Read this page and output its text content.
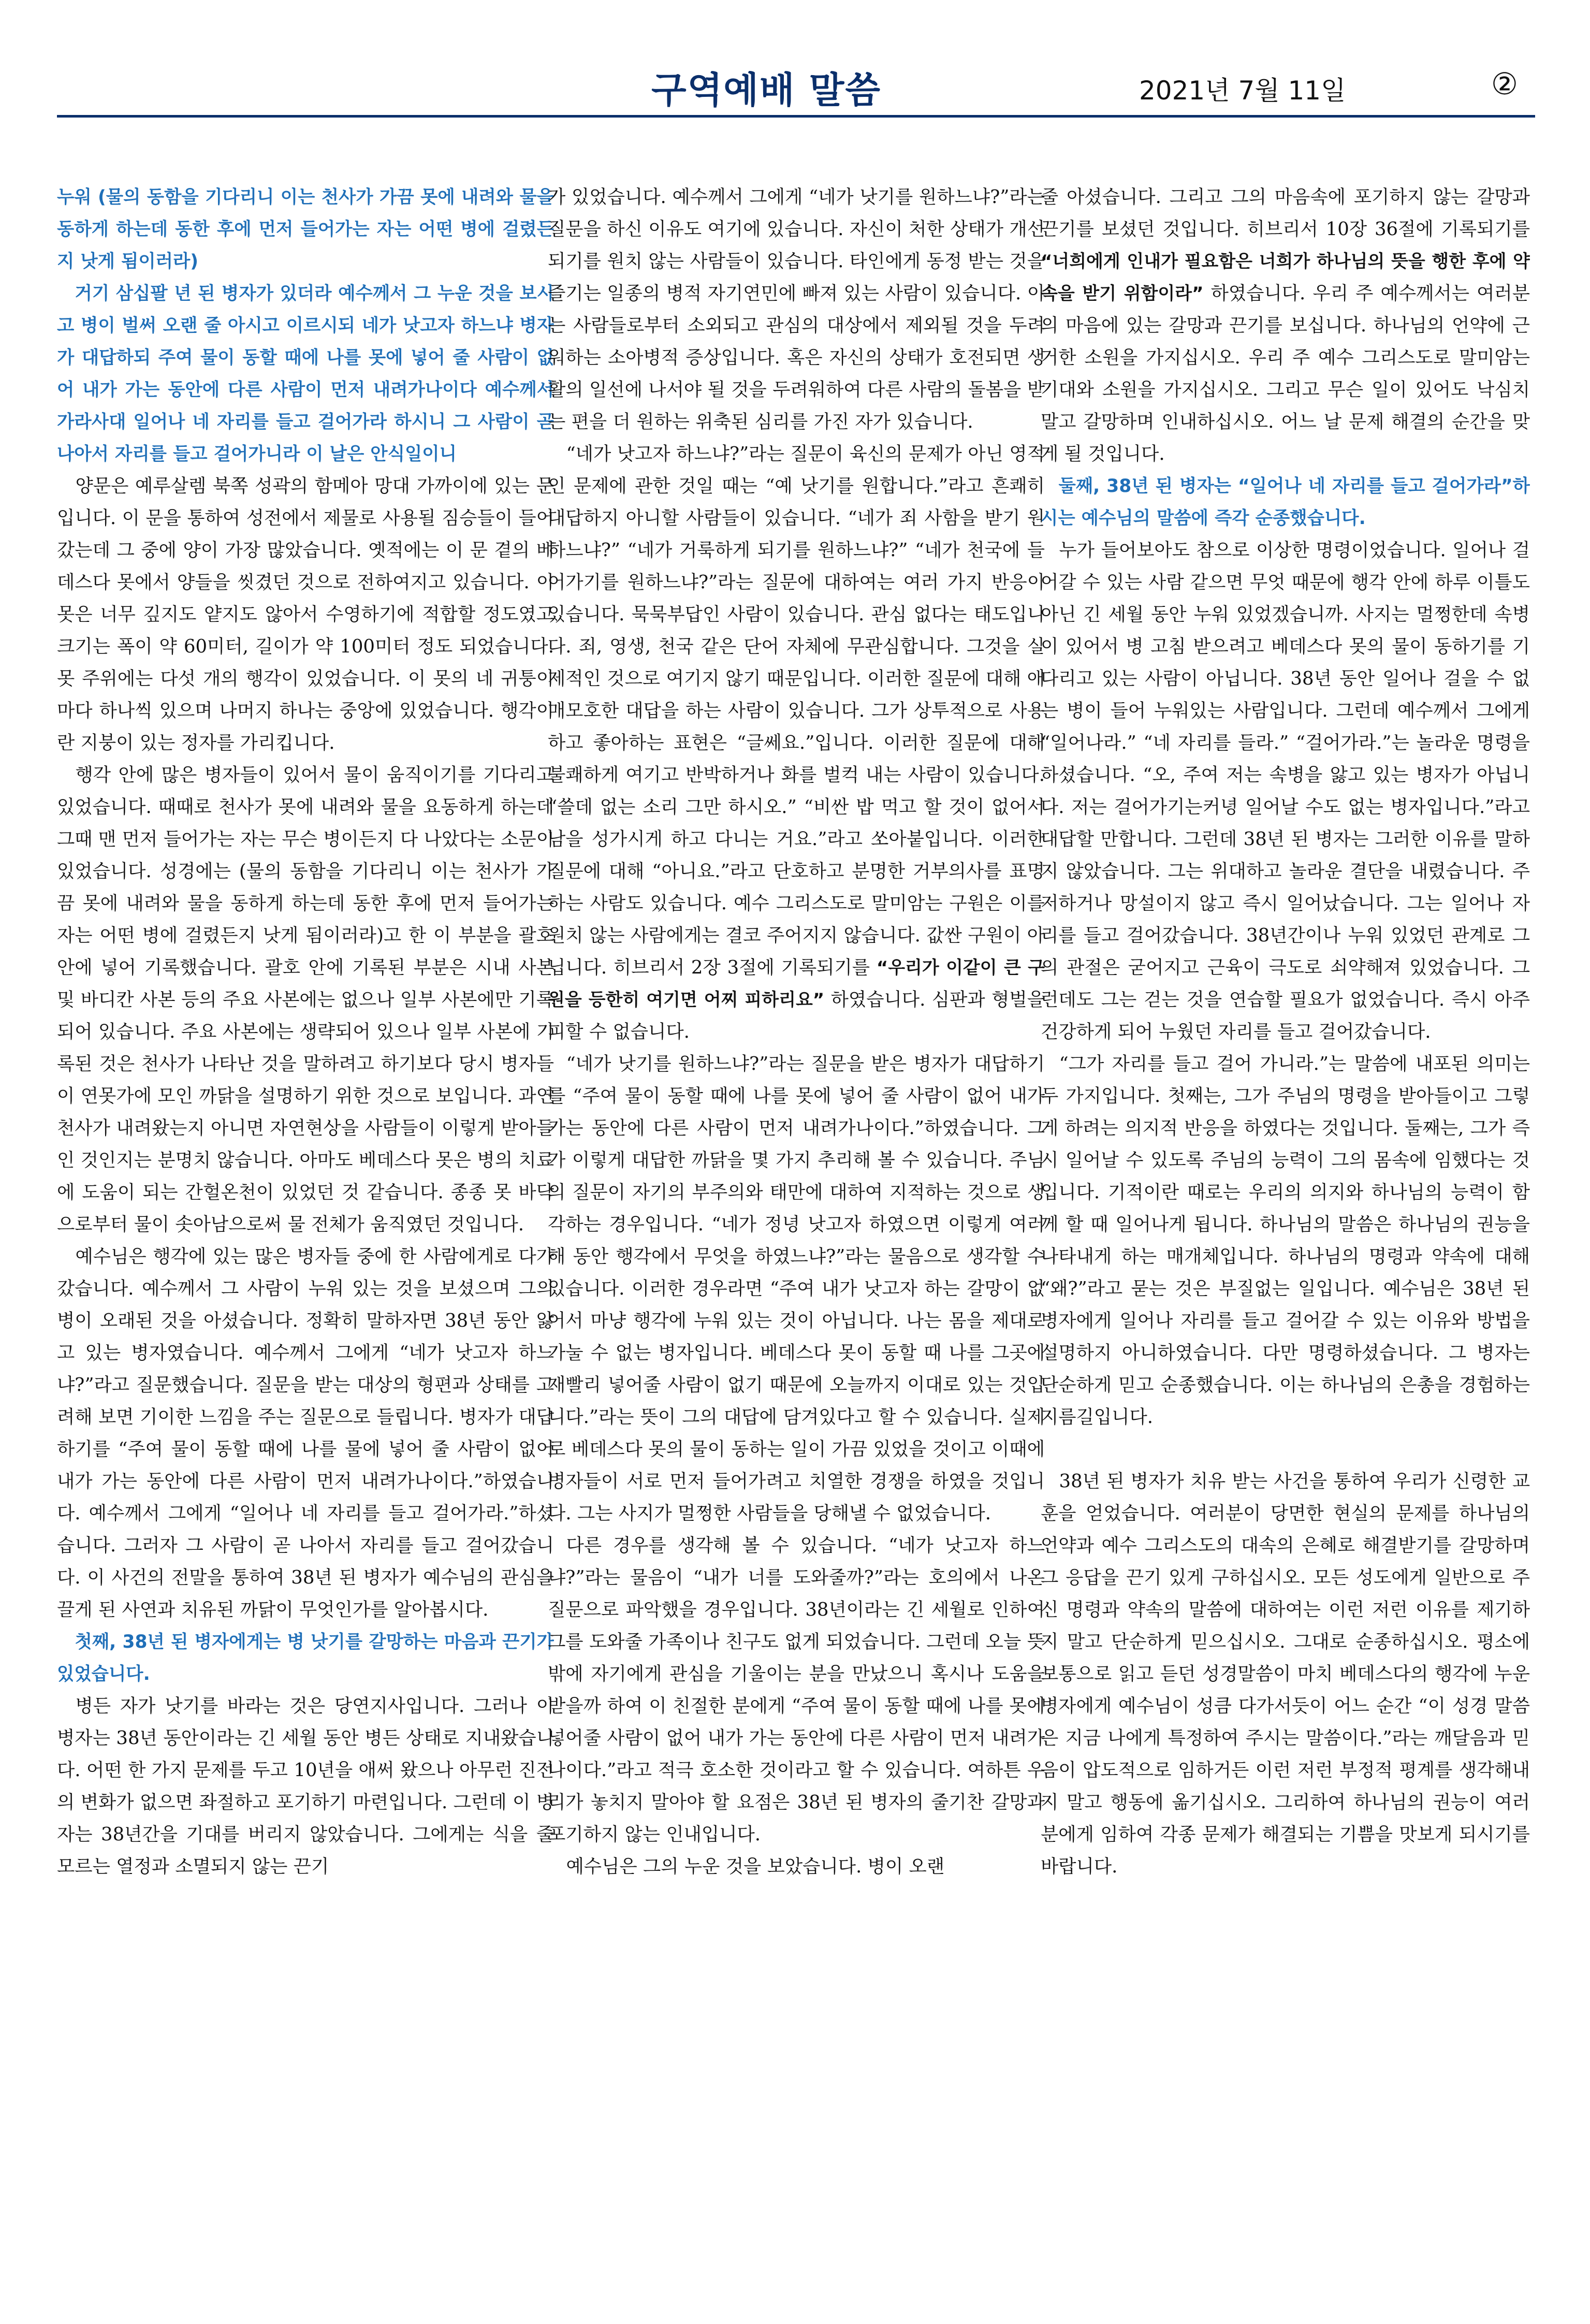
구역예배 말씀	2021년 7월 11일	②

누워 (물의 동함을 기다리니 이는 천사가 가끔 못에 내려와 물을 동하게 하는데 동한 후에 먼저 들어가는 자는 어떤 병에 걸렸든지 낫게 됨이러라)

거기 삼십팔 년 된 병자가 있더라 예수께서 그 누운 것을 보시고 병이 벌써 오랜 줄 아시고 이르시되 네가 낫고자 하느냐 병자가 대답하되 주여 물이 동할 때에 나를 못에 넣어 줄 사람이 없어 내가 가는 동안에 다른 사람이 먼저 내려가나이다 예수께서 가라사대 일어나 네 자리를 들고 걸어가라 하시니 그 사람이 곧 나아서 자리를 들고 걸어가니라 이 날은 안식일이니

양문은 예루살렘 북쪽 성곽의 함메아 망대 가까이에 있는 문입니다. 이 문을 통하여 성전에서 제물로 사용될 짐승들이 들어갔는데 그 중에 양이 가장 많았습니다. 옛적에는 이 문 곁의 베데스다 못에서 양들을 씻겼던 것으로 전하여지고 있습니다. 이 못은 너무 깊지도 얕지도 않아서 수영하기에 적합할 정도였고 크기는 폭이 약 60미터, 길이가 약 100미터 정도 되었습니다. 못 주위에는 다섯 개의 행각이 있었습니다. 이 못의 네 귀퉁이마다 하나씩 있으며 나머지 하나는 중앙에 있었습니다. 행각이란 지붕이 있는 정자를 가리킵니다.

행각 안에 많은 병자들이 있어서 물이 움직이기를 기다리고 있었습니다. 때때로 천사가 못에 내려와 물을 요동하게 하는데 그때 맨 먼저 들어가는 자는 무슨 병이든지 다 나았다는 소문이 있었습니다. 성경에는 (물의 동함을 기다리니 이는 천사가 가끔 못에 내려와 물을 동하게 하는데 동한 후에 먼저 들어가는 자는 어떤 병에 걸렸든지 낫게 됨이러라)고 한 이 부분을 괄호 안에 넣어 기록했습니다. 괄호 안에 기록된 부분은 시내 사본 및 바디칸 사본 등의 주요 사본에는 없으나 일부 사본에만 기록되어 있습니다. 주요 사본에는 생략되어 있으나 일부 사본에 기록된 것은 천사가 나타난 것을 말하려고 하기보다 당시 병자들이 연못가에 모인 까닭을 설명하기 위한 것으로 보입니다. 과연 천사가 내려왔는지 아니면 자연현상을 사람들이 이렇게 받아들인 것인지는 분명치 않습니다. 아마도 베데스다 못은 병의 치료에 도움이 되는 간헐온천이 있었던 것 같습니다. 종종 못 바닥으로부터 물이 솟아남으로써 물 전체가 움직였던 것입니다.

예수님은 행각에 있는 많은 병자들 중에 한 사람에게로 다가갔습니다. 예수께서 그 사람이 누워 있는 것을 보셨으며 그의 병이 오래된 것을 아셨습니다. 정확히 말하자면 38년 동안 앓고 있는 병자였습니다. 예수께서 그에게 “네가 낫고자 하느냐?”라고 질문했습니다. 질문을 받는 대상의 형편과 상태를 고려해 보면 기이한 느낌을 주는 질문으로 들립니다. 병자가 대답하기를 “주여 물이 동할 때에 나를 물에 넣어 줄 사람이 없어 내가 가는 동안에 다른 사람이 먼저 내려가나이다.”하였습니다. 예수께서 그에게 “일어나 네 자리를 들고 걸어가라.”하셨습니다. 그러자 그 사람이 곧 나아서 자리를 들고 걸어갔습니다. 이 사건의 전말을 통하여 38년 된 병자가 예수님의 관심을 끌게 된 사연과 치유된 까닭이 무엇인가를 알아봅시다.

첫째, 38년 된 병자에게는 병 낫기를 갈망하는 마음과 끈기가 있었습니다.

병든 자가 낫기를 바라는 것은 당연지사입니다. 그러나 이 병자는 38년 동안이라는 긴 세월 동안 병든 상태로 지내왔습니다. 어떤 한 가지 문제를 두고 10년을 애써 왔으나 아무런 진전의 변화가 없으면 좌절하고 포기하기 마련입니다. 그런데 이 병자는 38년간을 기대를 버리지 않았습니다. 그에게는 식을 줄 모르는 열정과 소멸되지 않는 끈기

가 있었습니다. 예수께서 그에게 “네가 낫기를 원하느냐?”라는 질문을 하신 이유도 여기에 있습니다. 자신이 처한 상태가 개선되기를 원치 않는 사람들이 있습니다. 타인에게 동정 받는 것을 즐기는 일종의 병적 자기연민에 빠져 있는 사람이 있습니다. 이는 사람들로부터 소외되고 관심의 대상에서 제외될 것을 두려워하는 소아병적 증상입니다. 혹은 자신의 상태가 호전되면 생활의 일선에 나서야 될 것을 두려워하여 다른 사람의 돌봄을 받는 편을 더 원하는 위축된 심리를 가진 자가 있습니다.

“네가 낫고자 하느냐?”라는 질문이 육신의 문제가 아닌 영적인 문제에 관한 것일 때는 “예 낫기를 원합니다.”라고 흔쾌히 대답하지 아니할 사람들이 있습니다. “네가 죄 사함을 받기 원하느냐?” “네가 거룩하게 되기를 원하느냐?” “네가 천국에 들어가기를 원하느냐?”라는 질문에 대하여는 여러 가지 반응이 있습니다. 묵묵부답인 사람이 있습니다. 관심 없다는 태도입니다. 죄, 영생, 천국 같은 단어 자체에 무관심합니다. 그것을 실제적인 것으로 여기지 않기 때문입니다. 이러한 질문에 대해 애매모호한 대답을 하는 사람이 있습니다. 그가 상투적으로 사용하고 좋아하는 표현은 “글쎄요.”입니다. 이러한 질문에 대해 불쾌하게 여기고 반박하거나 화를 벌컥 내는 사람이 있습니다. “쓸데 없는 소리 그만 하시오.” “비싼 밥 먹고 할 것이 없어서 남을 성가시게 하고 다니는 거요.”라고 쏘아붙입니다. 이러한 질문에 대해 “아니요.”라고 단호하고 분명한 거부의사를 표명하는 사람도 있습니다. 예수 그리스도로 말미암는 구원은 이를 원치 않는 사람에게는 결코 주어지지 않습니다. 값싼 구원이 아닙니다. 히브리서 2장 3절에 기록되기를 “우리가 이같이 큰 구원을 등한히 여기면 어찌 피하리요” 하였습니다. 심판과 형벌을 피할 수 없습니다.

“네가 낫기를 원하느냐?”라는 질문을 받은 병자가 대답하기를 “주여 물이 동할 때에 나를 못에 넣어 줄 사람이 없어 내가 가는 동안에 다른 사람이 먼저 내려가나이다.”하였습니다. 그가 이렇게 대답한 까닭을 몇 가지 추리해 볼 수 있습니다. 주님의 질문이 자기의 부주의와 태만에 대하여 지적하는 것으로 생각하는 경우입니다. “네가 정녕 낫고자 하였으면 이렇게 여러 해 동안 행각에서 무엇을 하였느냐?”라는 물음으로 생각할 수 있습니다. 이러한 경우라면 “주여 내가 낫고자 하는 갈망이 없어서 마냥 행각에 누워 있는 것이 아닙니다. 나는 몸을 제대로 가눌 수 없는 병자입니다. 베데스다 못이 동할 때 나를 그곳에 재빨리 넣어줄 사람이 없기 때문에 오늘까지 이대로 있는 것입니다.”라는 뜻이 그의 대답에 담겨있다고 할 수 있습니다. 실제로 베데스다 못의 물이 동하는 일이 가끔 있었을 것이고 이때에 병자들이 서로 먼저 들어가려고 치열한 경쟁을 하였을 것입니다. 그는 사지가 멀쩡한 사람들을 당해낼 수 없었습니다.

다른 경우를 생각해 볼 수 있습니다. “네가 낫고자 하느냐?”라는 물음이 “내가 너를 도와줄까?”라는 호의에서 나온 질문으로 파악했을 경우입니다. 38년이라는 긴 세월로 인하여 그를 도와줄 가족이나 친구도 없게 되었습니다. 그런데 오늘 뜻밖에 자기에게 관심을 기울이는 분을 만났으니 혹시나 도움을 받을까 하여 이 친절한 분에게 “주여 물이 동할 때에 나를 못에 넣어줄 사람이 없어 내가 가는 동안에 다른 사람이 먼저 내려가나이다.”라고 적극 호소한 것이라고 할 수 있습니다. 여하튼 우리가 놓치지 말아야 할 요점은 38년 된 병자의 줄기찬 갈망과 포기하지 않는 인내입니다.

예수님은 그의 누운 것을 보았습니다. 병이 오랜

줄 아셨습니다. 그리고 그의 마음속에 포기하지 않는 갈망과 끈기를 보셨던 것입니다. 히브리서 10장 36절에 기록되기를 “너희에게 인내가 필요함은 너희가 하나님의 뜻을 행한 후에 약속을 받기 위함이라” 하였습니다. 우리 주 예수께서는 여러분의 마음에 있는 갈망과 끈기를 보십니다. 하나님의 언약에 근거한 소원을 가지십시오. 우리 주 예수 그리스도로 말미암는 기대와 소원을 가지십시오. 그리고 무슨 일이 있어도 낙심치 말고 갈망하며 인내하십시오. 어느 날 문제 해결의 순간을 맞게 될 것입니다.

둘째, 38년 된 병자는 “일어나 네 자리를 들고 걸어가라”하시는 예수님의 말씀에 즉각 순종했습니다.

누가 들어보아도 참으로 이상한 명령이었습니다. 일어나 걸어갈 수 있는 사람 같으면 무엇 때문에 행각 안에 하루 이틀도 아닌 긴 세월 동안 누워 있었겠습니까. 사지는 멀쩡한데 속병이 있어서 병 고침 받으려고 베데스다 못의 물이 동하기를 기다리고 있는 사람이 아닙니다. 38년 동안 일어나 걸을 수 없는 병이 들어 누워있는 사람입니다. 그런데 예수께서 그에게 “일어나라.” “네 자리를 들라.” “걸어가라.”는 놀라운 명령을 하셨습니다. “오, 주여 저는 속병을 앓고 있는 병자가 아닙니다. 저는 걸어가기는커녕 일어날 수도 없는 병자입니다.”라고 대답할 만합니다. 그런데 38년 된 병자는 그러한 이유를 말하지 않았습니다. 그는 위대하고 놀라운 결단을 내렸습니다. 주저하거나 망설이지 않고 즉시 일어났습니다. 그는 일어나 자리를 들고 걸어갔습니다. 38년간이나 누워 있었던 관계로 그의 관절은 굳어지고 근육이 극도로 쇠약해져 있었습니다. 그런데도 그는 걷는 것을 연습할 필요가 없었습니다. 즉시 아주 건강하게 되어 누웠던 자리를 들고 걸어갔습니다.

“그가 자리를 들고 걸어 가니라.”는 말씀에 내포된 의미는 두 가지입니다. 첫째는, 그가 주님의 명령을 받아들이고 그렇게 하려는 의지적 반응을 하였다는 것입니다. 둘째는, 그가 즉시 일어날 수 있도록 주님의 능력이 그의 몸속에 임했다는 것입니다. 기적이란 때로는 우리의 의지와 하나님의 능력이 함께 할 때 일어나게 됩니다. 하나님의 말씀은 하나님의 권능을 나타내게 하는 매개체입니다. 하나님의 명령과 약속에 대해 “왜?”라고 묻는 것은 부질없는 일입니다. 예수님은 38년 된 병자에게 일어나 자리를 들고 걸어갈 수 있는 이유와 방법을 설명하지 아니하였습니다. 다만 명령하셨습니다. 그 병자는 단순하게 믿고 순종했습니다. 이는 하나님의 은총을 경험하는 지름길입니다.

38년 된 병자가 치유 받는 사건을 통하여 우리가 신령한 교훈을 얻었습니다. 여러분이 당면한 현실의 문제를 하나님의 언약과 예수 그리스도의 대속의 은혜로 해결받기를 갈망하며 그 응답을 끈기 있게 구하십시오. 모든 성도에게 일반으로 주신 명령과 약속의 말씀에 대하여는 이런 저런 이유를 제기하지 말고 단순하게 믿으십시오. 그대로 순종하십시오. 평소에 보통으로 읽고 듣던 성경말씀이 마치 베데스다의 행각에 누운 병자에게 예수님이 성큼 다가서듯이 어느 순간 “이 성경 말씀은 지금 나에게 특정하여 주시는 말씀이다.”라는 깨달음과 믿음이 압도적으로 임하거든 이런 저런 부정적 평계를 생각해내지 말고 행동에 옮기십시오. 그리하여 하나님의 권능이 여러분에게 임하여 각종 문제가 해결되는 기쁨을 맛보게 되시기를 바랍니다.
